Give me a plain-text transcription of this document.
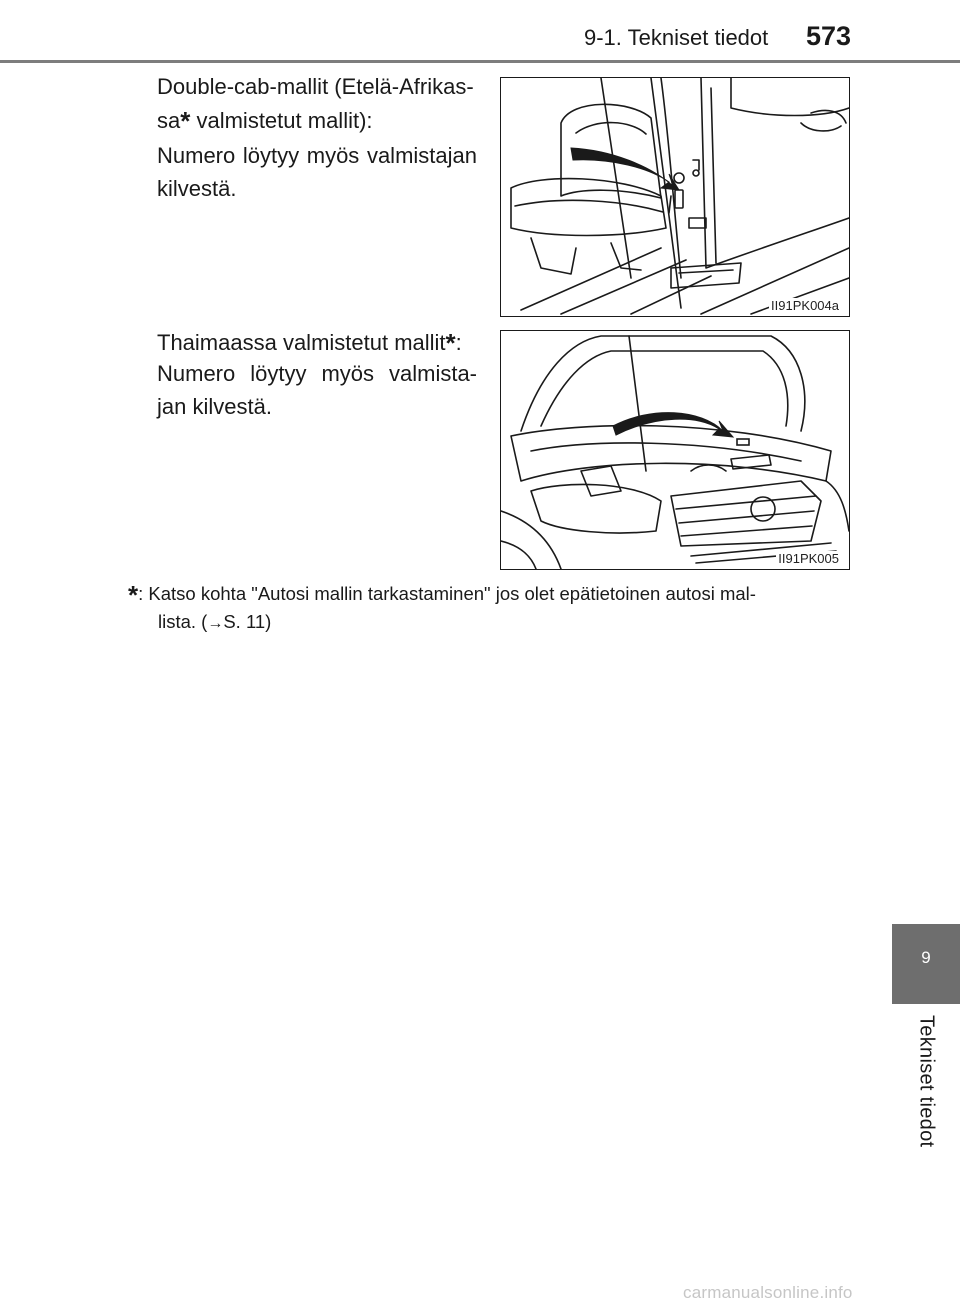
9-1. Tekniset tiedot 573
9
Tekniset tiedot

Double-cab-mallit (Etelä-Afrikas-
sa* valmistetut mallit):

Numero löytyy myös valmistajan kilvestä.

II91PK004a

Thaimaassa valmistetut mallit*:

Numero löytyy myös valmista-jan kilvestä.

II91PK005
*: Katso kohta "Autosi mallin tarkastaminen" jos olet epätietoinen autosi mal-
lista. (→S. 11)
carmanualsonline.info
